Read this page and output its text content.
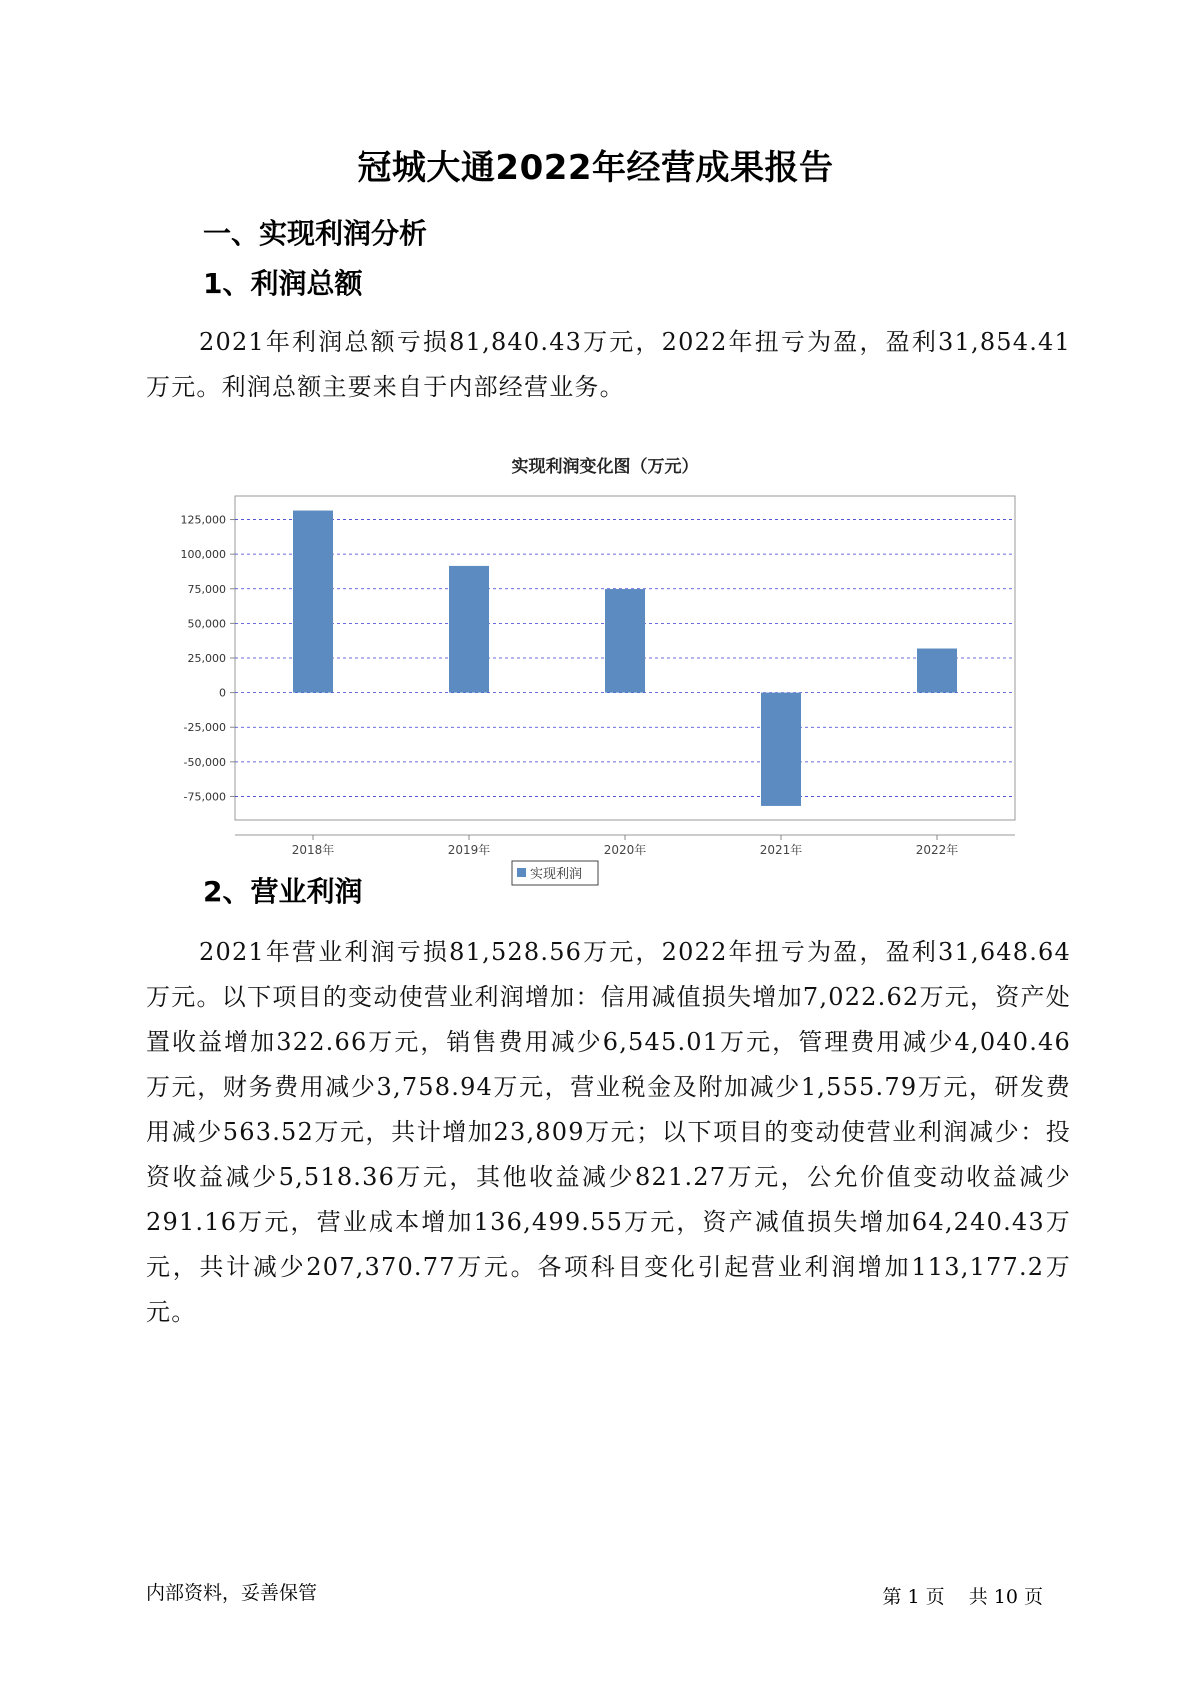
冠城大通2022年经营成果报告
一、实现利润分析
1、利润总额

2021年利润总额亏损81,840.43万元，2022年扭亏为盈，盈利31,854.41万元。利润总额主要来自于内部经营业务。

实现利润变化图（万元）
125,000
100,000
75,000
50,000
25,000
0
-25,000
-50,000
-75,000
2018年	2019年	2020年	2021年	2022年
实现利润
2、营业利润

2021年营业利润亏损81,528.56万元，2022年扭亏为盈，盈利31,648.64万元。以下项目的变动使营业利润增加：信用减值损失增加7,022.62万元，资产处置收益增加322.66万元，销售费用减少6,545.01万元，管理费用减少4,040.46万元，财务费用减少3,758.94万元，营业税金及附加减少1,555.79万元，研发费用减少563.52万元，共计增加23,809万元；以下项目的变动使营业利润减少：投资收益减少5,518.36万元，其他收益减少821.27万元，公允价值变动收益减少291.16万元，营业成本增加136,499.55万元，资产减值损失增加64,240.43万元，共计减少207,370.77万元。各项科目变化引起营业利润增加113,177.2万元。

内部资料，妥善保管	第 1 页 共 10 页
